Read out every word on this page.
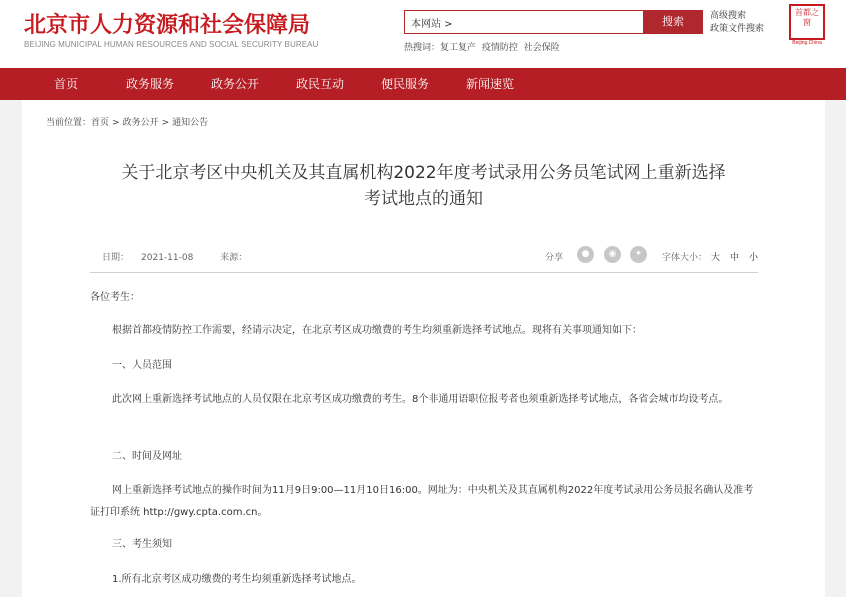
北京市人力资源和社会保障局
BEIJING MUNICIPAL HUMAN RESOURCES AND SOCIAL SECURITY BUREAU
本网站 >
搜索
热搜词： 复工复产 疫情防控 社会保险
高级搜索
政策文件搜索
首都之窗
Beijing.China
首页	政务服务	政务公开	政民互动	便民服务	新闻速览
当前位置：首页 > 政务公开 > 通知公告
关于北京考区中央机关及其直属机构2022年度考试录用公务员笔试网上重新选择
考试地点的通知
日期： 2021-11-08	来源：	分享	●	◉	✦	字体大小： 大 中 小
各位考生：
根据首都疫情防控工作需要，经请示决定，在北京考区成功缴费的考生均须重新选择考试地点。现将有关事项通知如下：
一、人员范围
此次网上重新选择考试地点的人员仅限在北京考区成功缴费的考生。8个非通用语职位报考者也须重新选择考试地点，各省会城市均设考点。
二、时间及网址
网上重新选择考试地点的操作时间为11月9日9:00—11月10日16:00。网址为：中央机关及其直属机构2022年度考试录用公务员报名确认及准考证打印系统 http://gwy.cpta.com.cn。
三、考生须知
1.所有北京考区成功缴费的考生均须重新选择考试地点。
